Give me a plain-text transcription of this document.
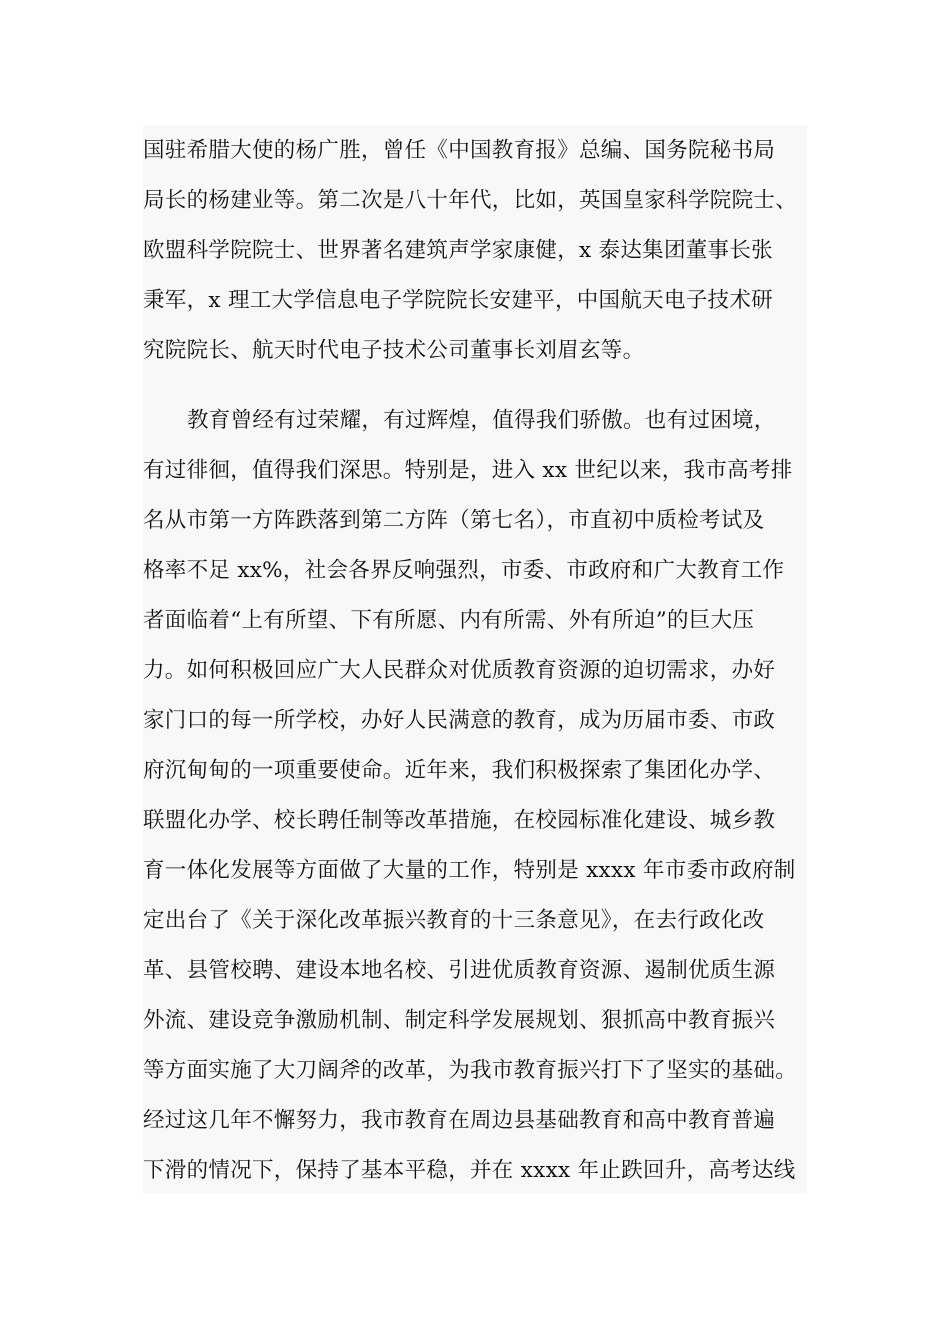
国驻希腊大使的杨广胜，曾任《中国教育报》总编、国务院秘书局
局长的杨建业等。第二次是八十年代，比如，英国皇家科学院院士、
欧盟科学院院士、世界著名建筑声学家康健，x 泰达集团董事长张
秉军，x 理工大学信息电子学院院长安建平，中国航天电子技术研
究院院长、航天时代电子技术公司董事长刘眉玄等。
教育曾经有过荣耀，有过辉煌，值得我们骄傲。也有过困境，
有过徘徊，值得我们深思。特别是，进入 xx 世纪以来，我市高考排
名从市第一方阵跌落到第二方阵（第七名），市直初中质检考试及
格率不足 xx%，社会各界反响强烈，市委、市政府和广大教育工作
者面临着“上有所望、下有所愿、内有所需、外有所迫”的巨大压
力。如何积极回应广大人民群众对优质教育资源的迫切需求，办好
家门口的每一所学校，办好人民满意的教育，成为历届市委、市政
府沉甸甸的一项重要使命。近年来，我们积极探索了集团化办学、
联盟化办学、校长聘任制等改革措施，在校园标准化建设、城乡教
育一体化发展等方面做了大量的工作，特别是 xxxx 年市委市政府制
定出台了《关于深化改革振兴教育的十三条意见》，在去行政化改
革、县管校聘、建设本地名校、引进优质教育资源、遏制优质生源
外流、建设竞争激励机制、制定科学发展规划、狠抓高中教育振兴
等方面实施了大刀阔斧的改革，为我市教育振兴打下了坚实的基础。
经过这几年不懈努力，我市教育在周边县基础教育和高中教育普遍
下滑的情况下，保持了基本平稳，并在 xxxx 年止跌回升，高考达线
